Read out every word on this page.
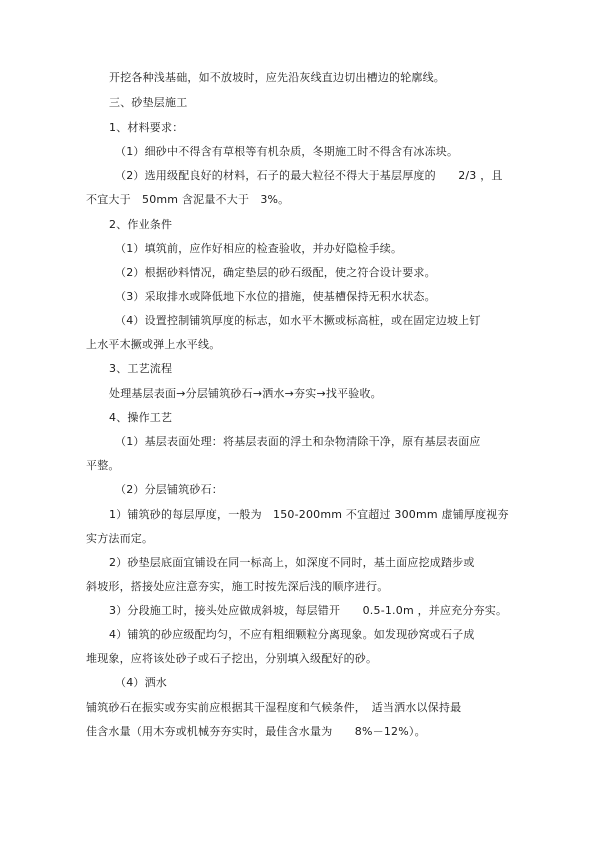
开挖各种浅基础，如不放坡时，应先沿灰线直边切出槽边的轮廓线。
三、砂垫层施工
1、材料要求：
（1）细砂中不得含有草根等有机杂质，冬期施工时不得含有冰冻块。
（2）选用级配良好的材料，石子的最大粒径不得大于基层厚度的　　2/3 ，且
不宜大于　50mm 含泥量不大于　3%。
2、作业条件
（1）填筑前，应作好相应的检查验收，并办好隐检手续。
（2）根据砂料情况，确定垫层的砂石级配，使之符合设计要求。
（3）采取排水或降低地下水位的措施，使基槽保持无积水状态。
（4）设置控制铺筑厚度的标志，如水平木撅或标高桩，或在固定边坡上钉
上水平木撅或弹上水平线。
3、工艺流程
处理基层表面→分层铺筑砂石→洒水→夯实→找平验收。
4、操作工艺
（1）基层表面处理：将基层表面的浮土和杂物清除干净，原有基层表面应
平整。
（2）分层铺筑砂石：
1）铺筑砂的每层厚度，一般为　150-200mm 不宜超过 300mm 虚铺厚度视夯
实方法而定。
2）砂垫层底面宜铺设在同一标高上，如深度不同时，基土面应挖成踏步或
斜坡形，搭接处应注意夯实，施工时按先深后浅的顺序进行。
3）分段施工时，接头处应做成斜坡，每层错开　　0.5-1.0m ，并应充分夯实。
4）铺筑的砂应级配均匀，不应有粗细颗粒分离现象。如发现砂窝或石子成
堆现象，应将该处砂子或石子挖出，分别填入级配好的砂。
（4）洒水
铺筑砂石在振实或夯实前应根据其干湿程度和气候条件，　适当洒水以保持最
佳含水量（用木夯或机械夯夯实时，最佳含水量为　　8%－12%）。
